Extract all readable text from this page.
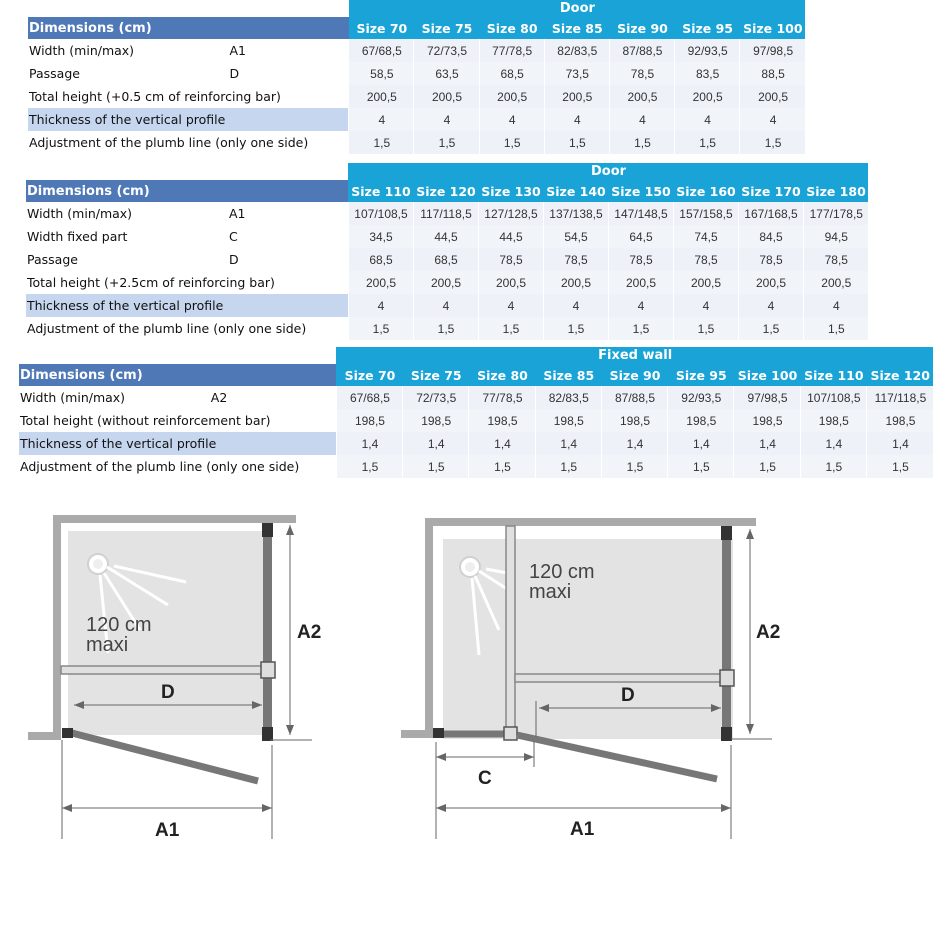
		Door						
Dimensions (cm)		Size 70	Size 75	Size 80	Size 85	Size 90	Size 95	Size 100
Width (min/max)	A1	67/68,5	72/73,5	77/78,5	82/83,5	87/88,5	92/93,5	97/98,5
Passage	D	58,5	63,5	68,5	73,5	78,5	83,5	88,5
Total height (+0.5 cm of reinforcing bar)		200,5	200,5	200,5	200,5	200,5	200,5	200,5
Thickness of the vertical profile		4	4	4	4	4	4	4
Adjustment of the plumb line (only one side)		1,5	1,5	1,5	1,5	1,5	1,5	1,5
		Door							
Dimensions (cm)		Size 110	Size 120	Size 130	Size 140	Size 150	Size 160	Size 170	Size 180
Width (min/max)	A1	107/108,5	117/118,5	127/128,5	137/138,5	147/148,5	157/158,5	167/168,5	177/178,5
Width fixed part	C	34,5	44,5	44,5	54,5	64,5	74,5	84,5	94,5
Passage	D	68,5	68,5	78,5	78,5	78,5	78,5	78,5	78,5
Total height (+2.5cm of reinforcing bar)		200,5	200,5	200,5	200,5	200,5	200,5	200,5	200,5
Thickness of the vertical profile		4	4	4	4	4	4	4	4
Adjustment of the plumb line (only one side)		1,5	1,5	1,5	1,5	1,5	1,5	1,5	1,5
		Fixed wall								
Dimensions (cm)		Size 70	Size 75	Size 80	Size 85	Size 90	Size 95	Size 100	Size 110	Size 120
Width (min/max)	A2	67/68,5	72/73,5	77/78,5	82/83,5	87/88,5	92/93,5	97/98,5	107/108,5	117/118,5
Total height (without reinforcement bar)		198,5	198,5	198,5	198,5	198,5	198,5	198,5	198,5	198,5
Thickness of the vertical profile		1,4	1,4	1,4	1,4	1,4	1,4	1,4	1,4	1,4
Adjustment of the plumb line (only one side)		1,5	1,5	1,5	1,5	1,5	1,5	1,5	1,5	1,5
120 cm
maxi
D
A2
A1
120 cm
maxi
D
A2
C
A1
